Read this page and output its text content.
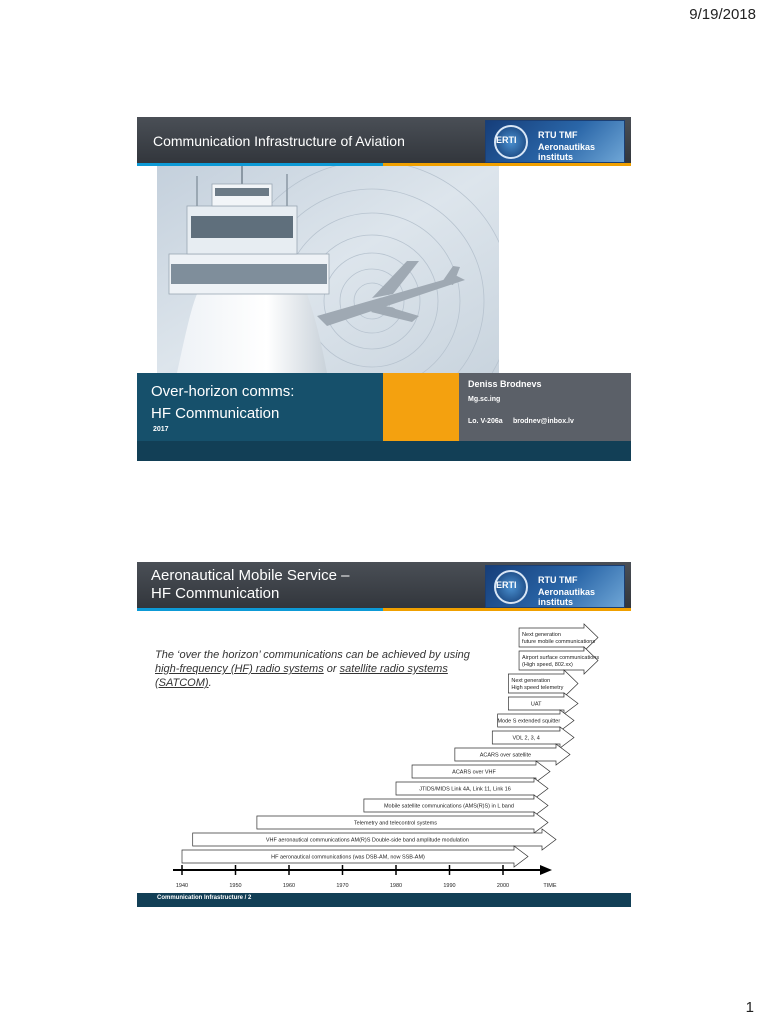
9/19/2018
Communication Infrastructure of Aviation	ERTI RTU TMF
Aeronautikas instituts
Over-horizon comms:
HF Communication
2017
Deniss Brodnevs
Mg.sc.ing
Lo. V-206a brodnev@inbox.lv
Aeronautical Mobile Service –
HF Communication	ERTI RTU TMF
Aeronautikas instituts
The ‘over the horizon’ communications can be achieved by using high-frequency (HF) radio systems or satellite radio systems (SATCOM).
1940	1950	1960	1970	1980	1990	2000	TIME
Next generation
future mobile communications
Airport surface communications
(High speed, 802.xx)
Next generation
High speed telemetry
UAT
Mode S extended squitter
VDL 2, 3, 4
ACARS over satellite
ACARS over VHF
JTIDS/MIDS Link 4A, Link 11, Link 16
Mobile satellite communications (AMS(R)S) in L band
Telemetry and telecontrol systems
VHF aeronautical communications AM(R)S Double-side band amplitude modulation
HF aeronautical communications (was DSB-AM, now SSB-AM)
Communication Infrastructure / 2
1
